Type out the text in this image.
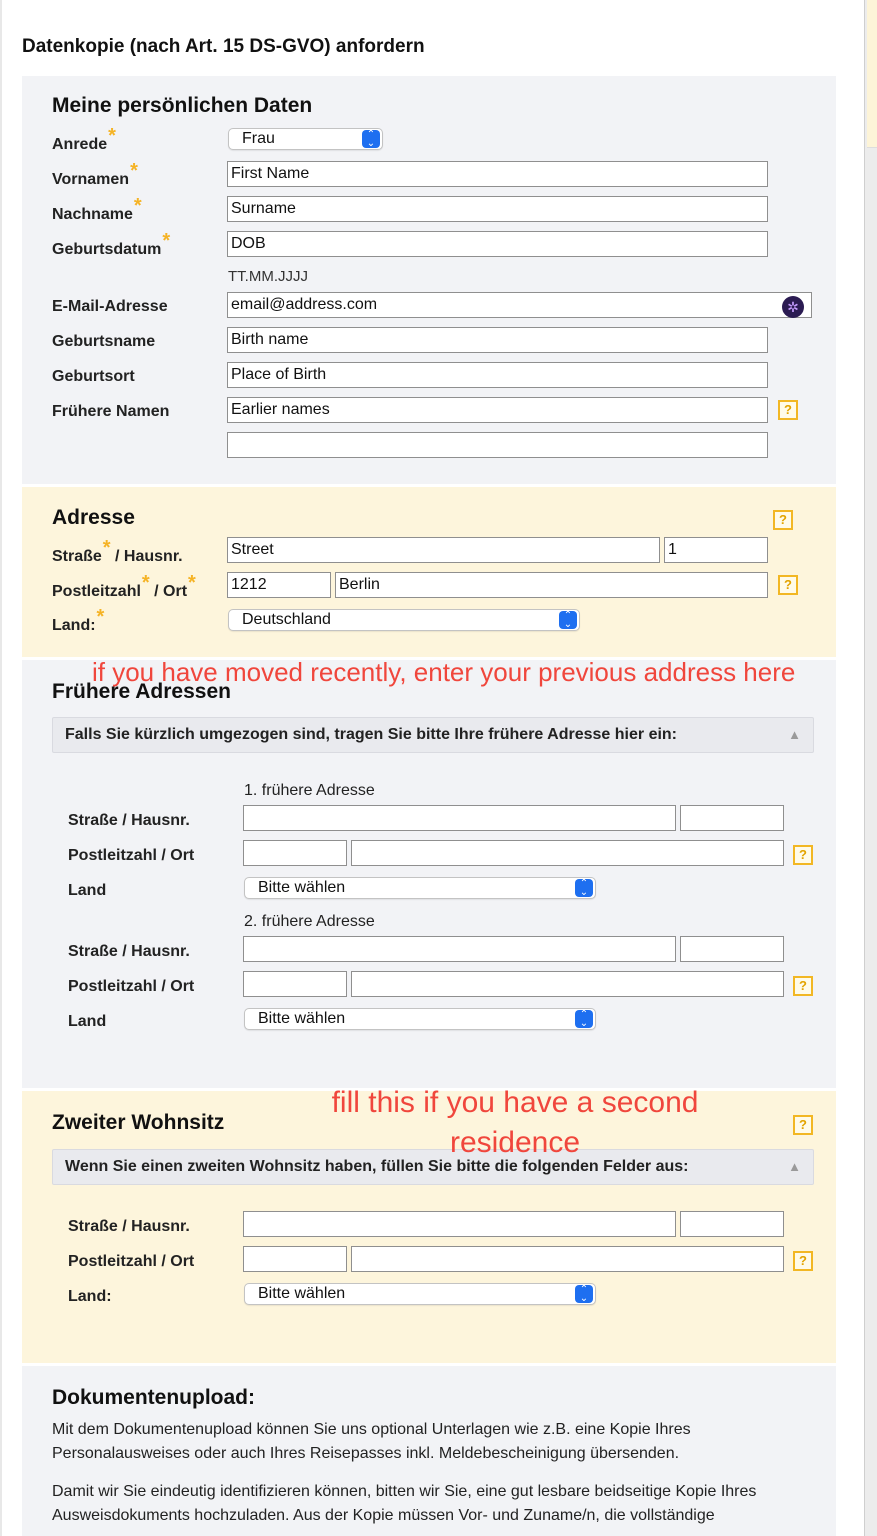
Datenkopie (nach Art. 15 DS-GVO) anfordern
Meine persönlichen Daten
Anrede*	Frau	⌃
⌄
Vornamen*	First Name
Nachname*	Surname
Geburtsdatum*	DOB
TT.MM.JJJJ
E-Mail-Adresse	email@address.com	✲
Geburtsname	Birth name
Geburtsort	Place of Birth
Frühere Namen	Earlier names	?
Adresse	?
Straße* / Hausnr.	Street	1
Postleitzahl* / Ort* 1212	Berlin	?
Land:*	Deutschland	⌃
⌄
Frühere Adressen
Falls Sie kürzlich umgezogen sind, tragen Sie bitte Ihre frühere Adresse hier ein:	▲
1. frühere Adresse
Straße / Hausnr.
Postleitzahl / Ort	?
Land	Bitte wählen	⌃
⌄
2. frühere Adresse
Straße / Hausnr.
Postleitzahl / Ort	?
Land	Bitte wählen	⌃
⌄
if you have moved recently, enter your previous address here
Zweiter Wohnsitz	?
Wenn Sie einen zweiten Wohnsitz haben, füllen Sie bitte die folgenden Felder aus:	▲
Straße / Hausnr.
Postleitzahl / Ort	?
Land:	Bitte wählen	⌃
⌄
fill this if you have a second
residence
Dokumentenupload:
Mit dem Dokumentenupload können Sie uns optional Unterlagen wie z.B. eine Kopie Ihres
Personalausweises oder auch Ihres Reisepasses inkl. Meldebescheinigung übersenden.
Damit wir Sie eindeutig identifizieren können, bitten wir Sie, eine gut lesbare beidseitige Kopie Ihres
Ausweisdokuments hochzuladen. Aus der Kopie müssen Vor- und Zuname/n, die vollständige
